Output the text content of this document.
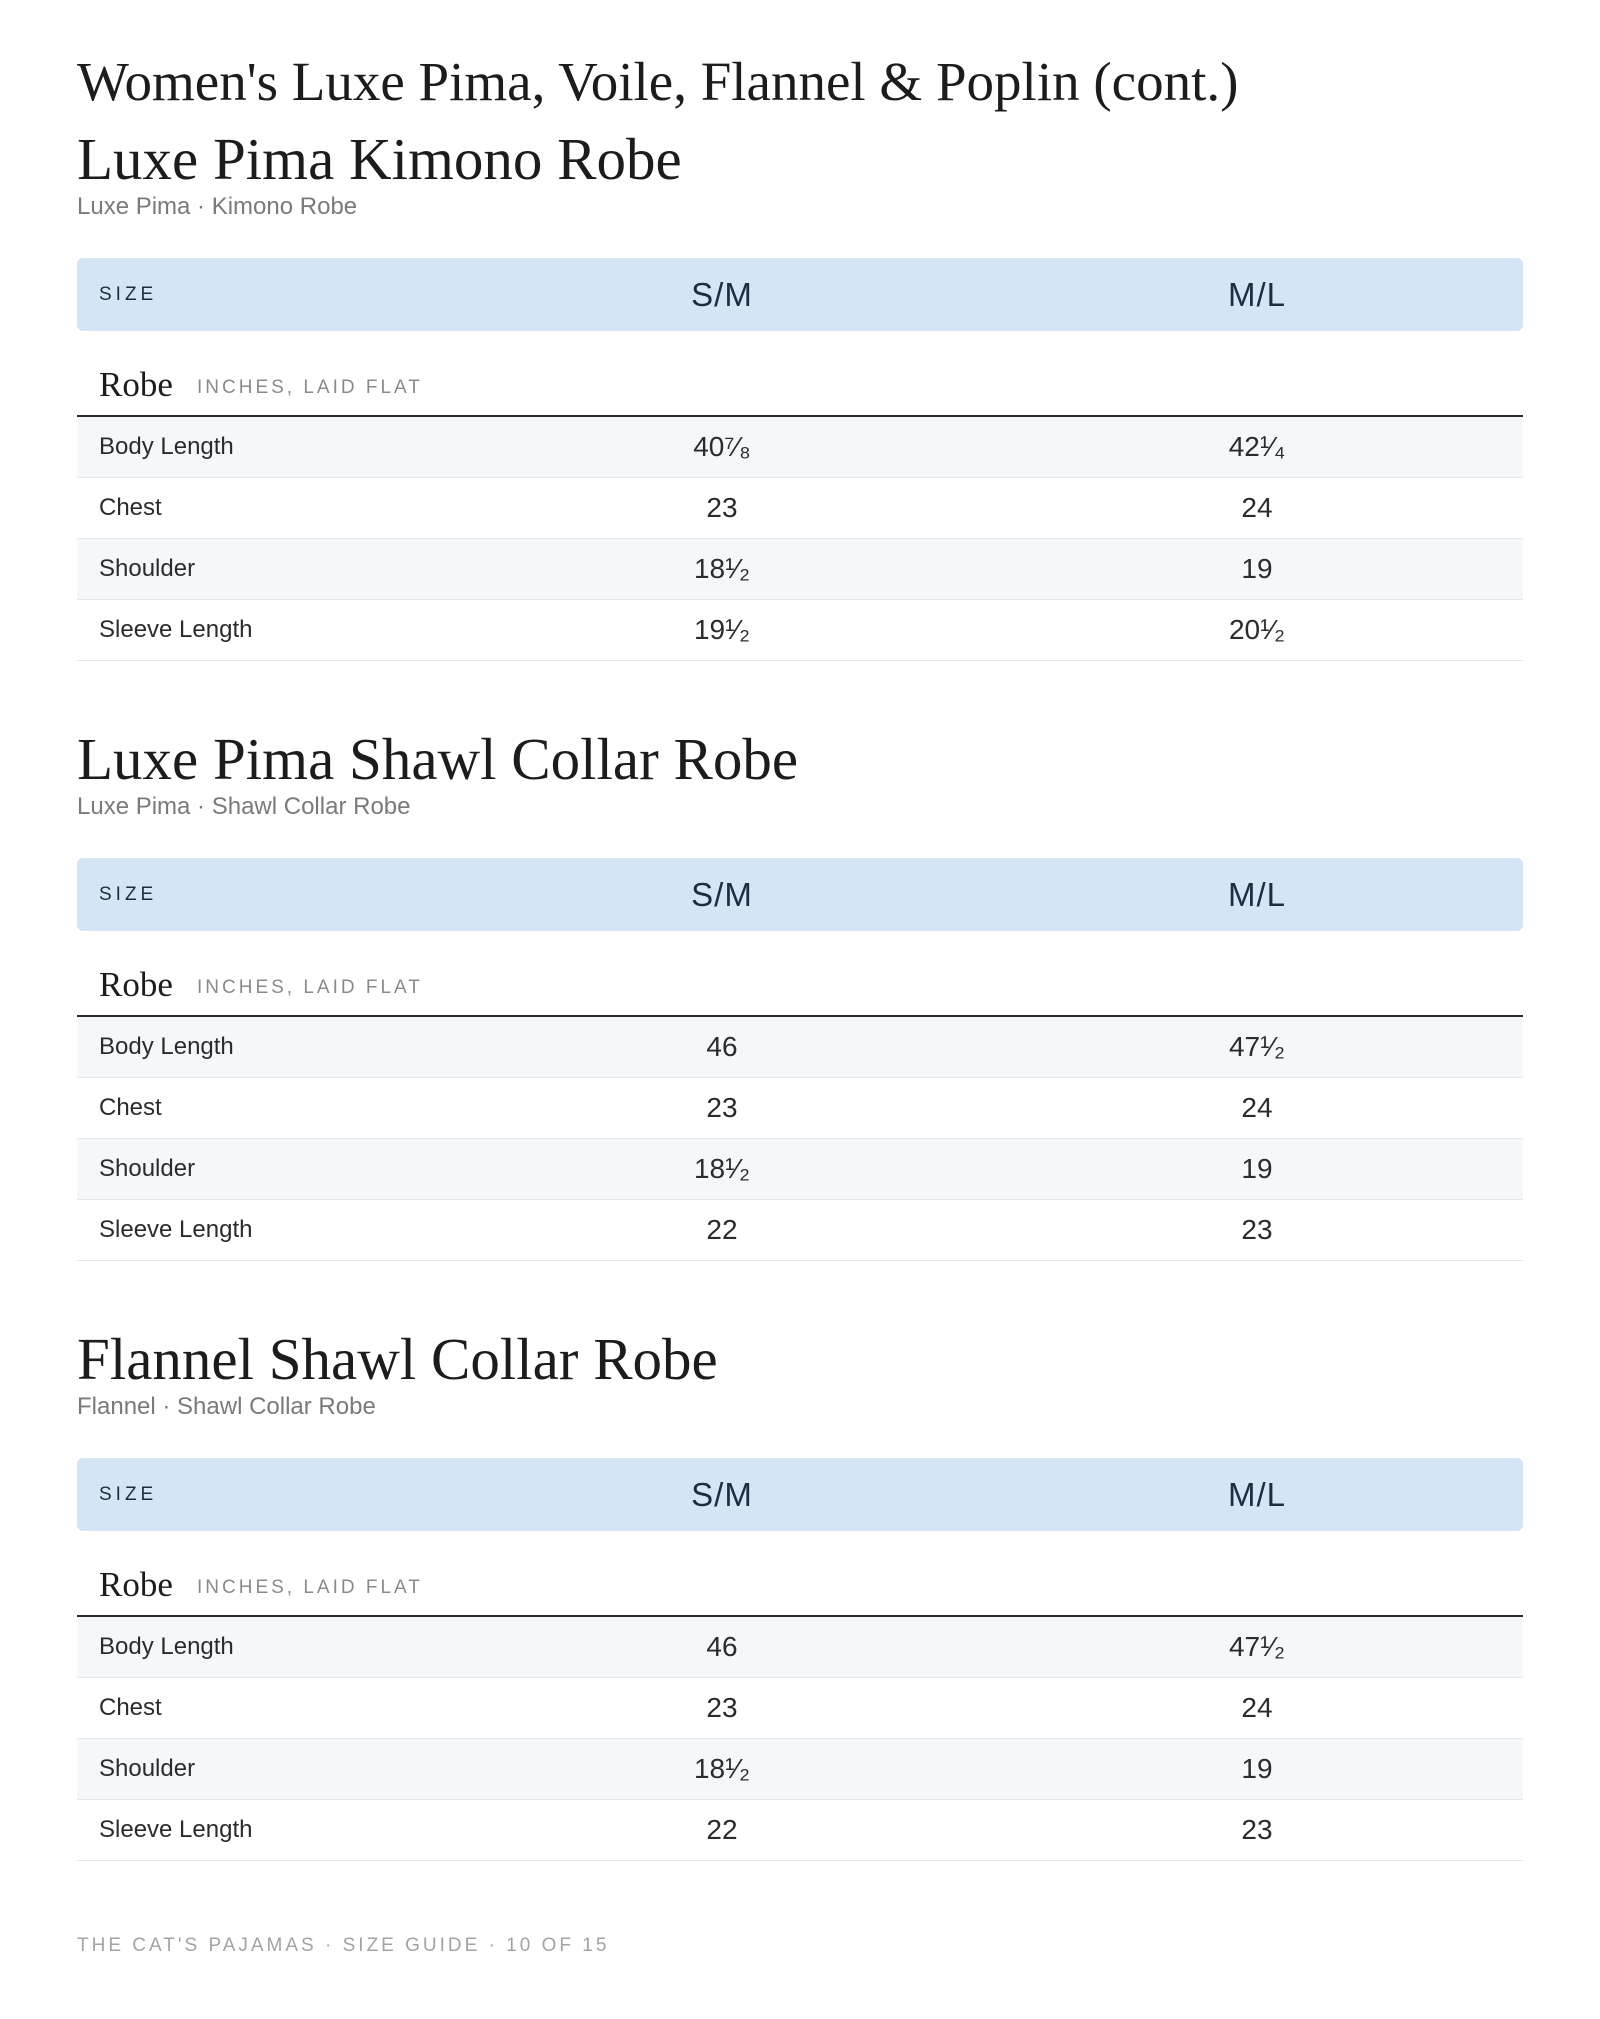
Women's Luxe Pima, Voile, Flannel & Poplin (cont.)
Luxe Pima Kimono Robe

Luxe Pima · Kimono Robe

SIZE	S/M	M/L
Robe INCHES, LAID FLAT
Body Length	40⁷⁄₈	42¹⁄₄
Chest	23	24
Shoulder	18¹⁄₂	19
Sleeve Length	19¹⁄₂	20¹⁄₂
Luxe Pima Shawl Collar Robe

Luxe Pima · Shawl Collar Robe

SIZE	S/M	M/L
Robe INCHES, LAID FLAT
Body Length	46	47¹⁄₂
Chest	23	24
Shoulder	18¹⁄₂	19
Sleeve Length	22	23
Flannel Shawl Collar Robe

Flannel · Shawl Collar Robe

SIZE	S/M	M/L
Robe INCHES, LAID FLAT
Body Length	46	47¹⁄₂
Chest	23	24
Shoulder	18¹⁄₂	19
Sleeve Length	22	23
THE CAT'S PAJAMAS · SIZE GUIDE · 10 OF 15
